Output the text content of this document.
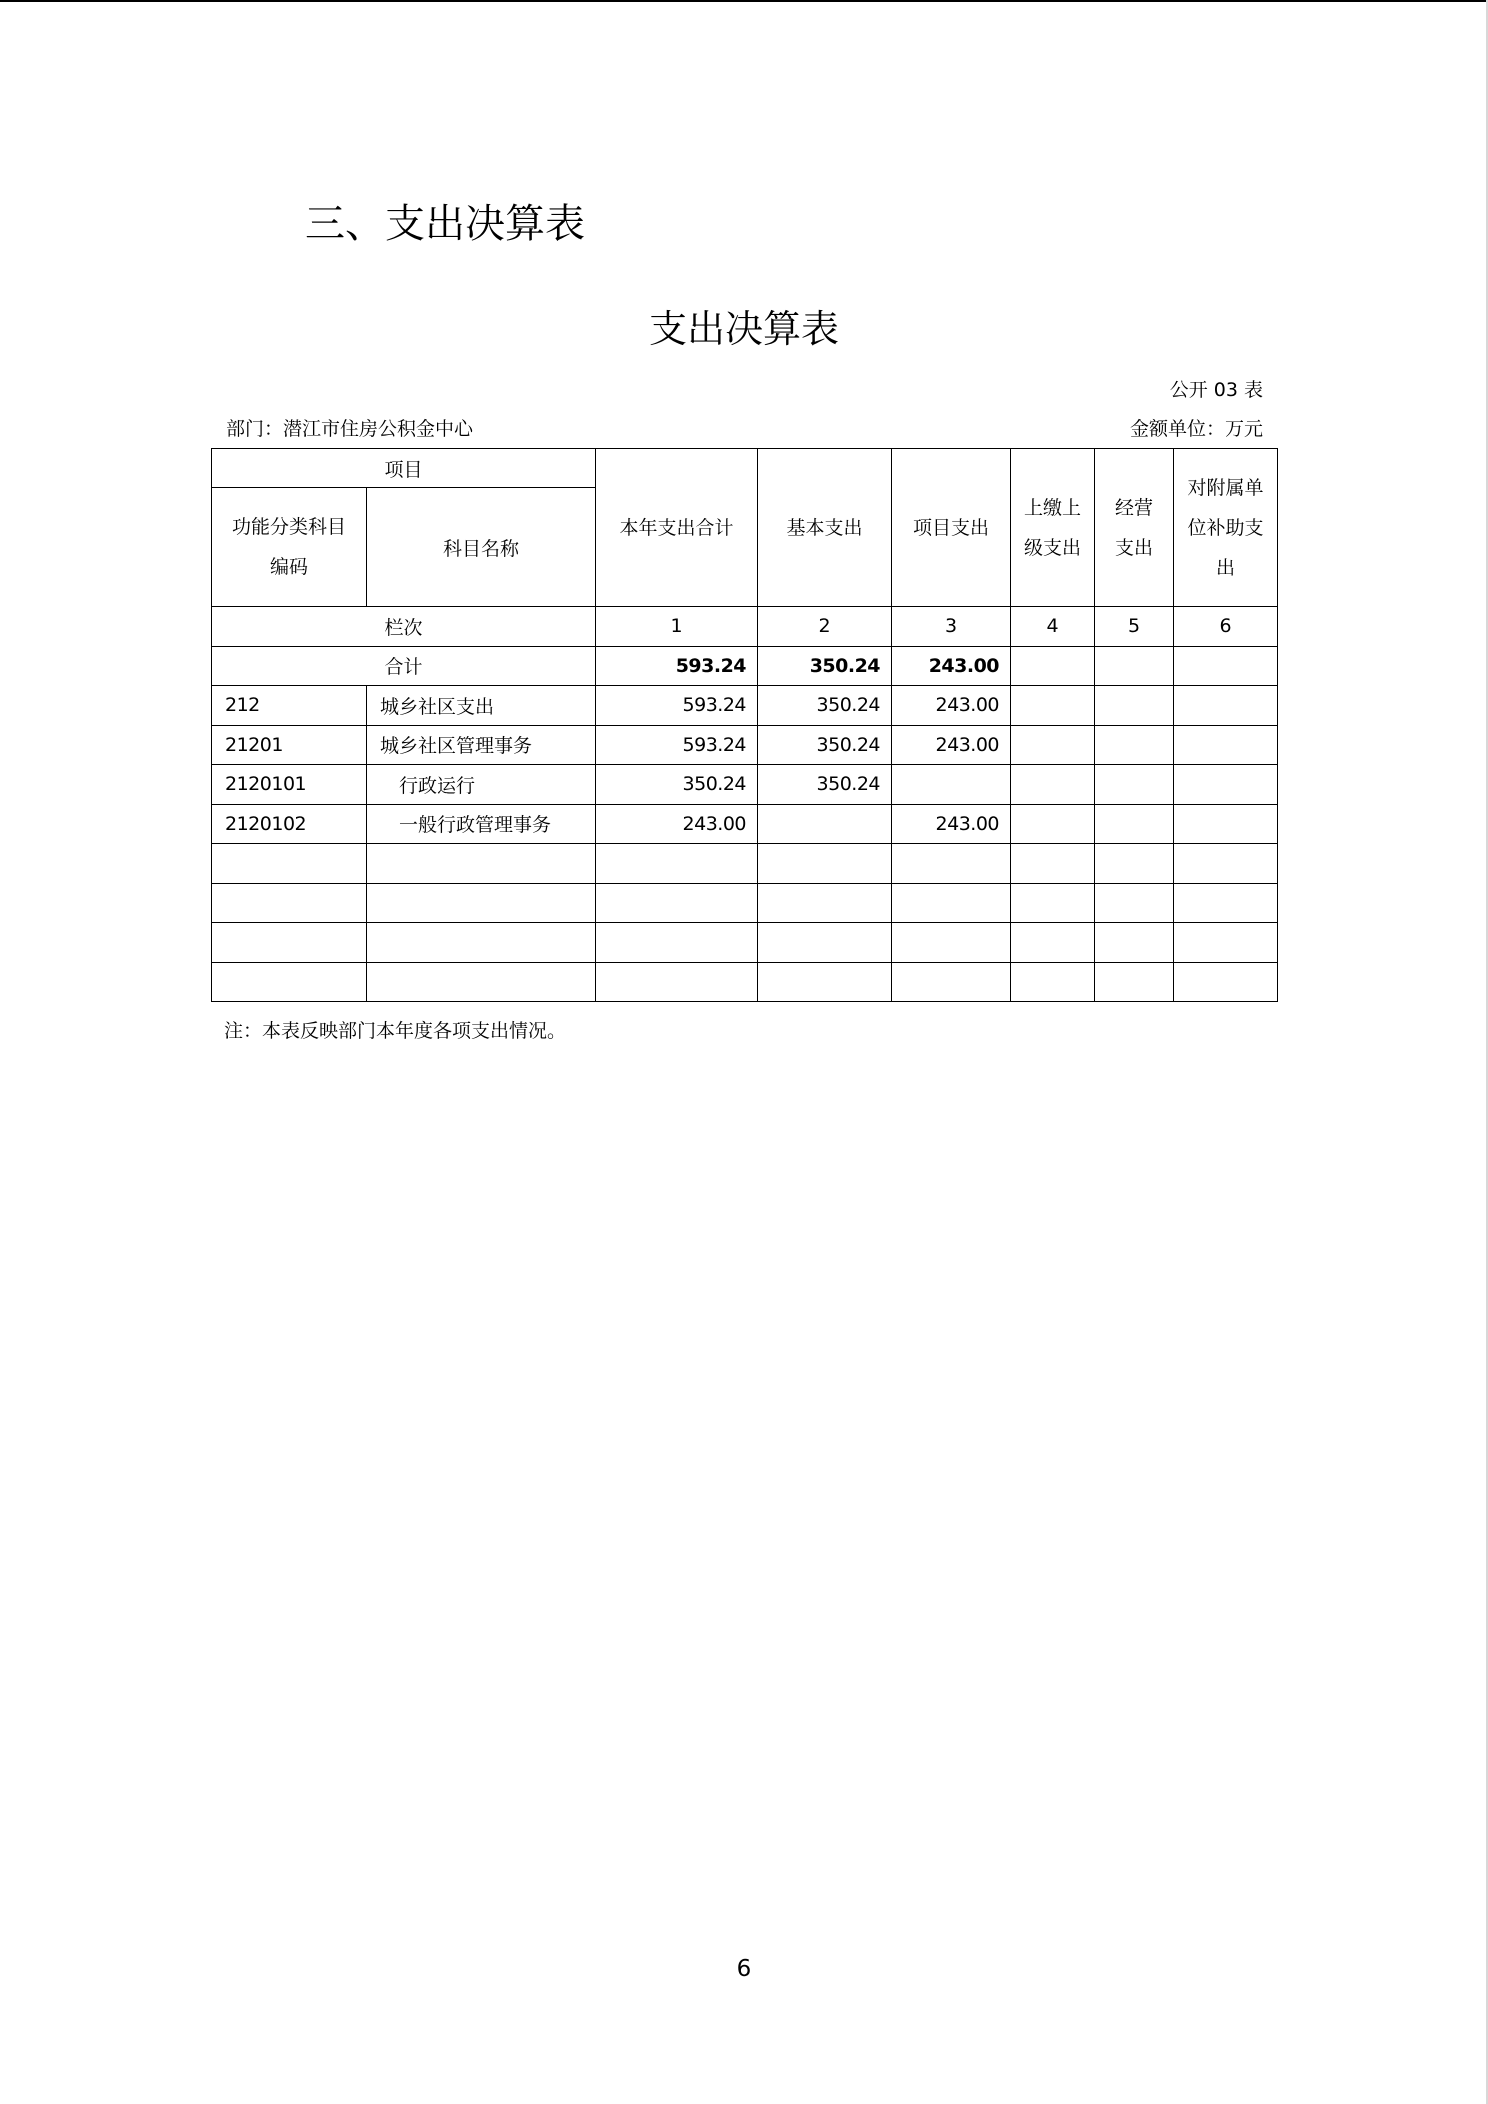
三、支出决算表
支出决算表
公开 03 表
部门：潜江市住房公积金中心	金额单位：万元
项目		本年支出合计	基本支出	项目支出	上缴上级支出	经营支出	对附属单位补助支出
功能分类科目编码	科目名称						
栏次		1	2	3	4	5	6
合计		593.24	350.24	243.00			
212	城乡社区支出	593.24	350.24	243.00			
21201	城乡社区管理事务	593.24	350.24	243.00			
2120101	行政运行	350.24	350.24				
2120102	一般行政管理事务	243.00		243.00			

注：本表反映部门本年度各项支出情况。
6
